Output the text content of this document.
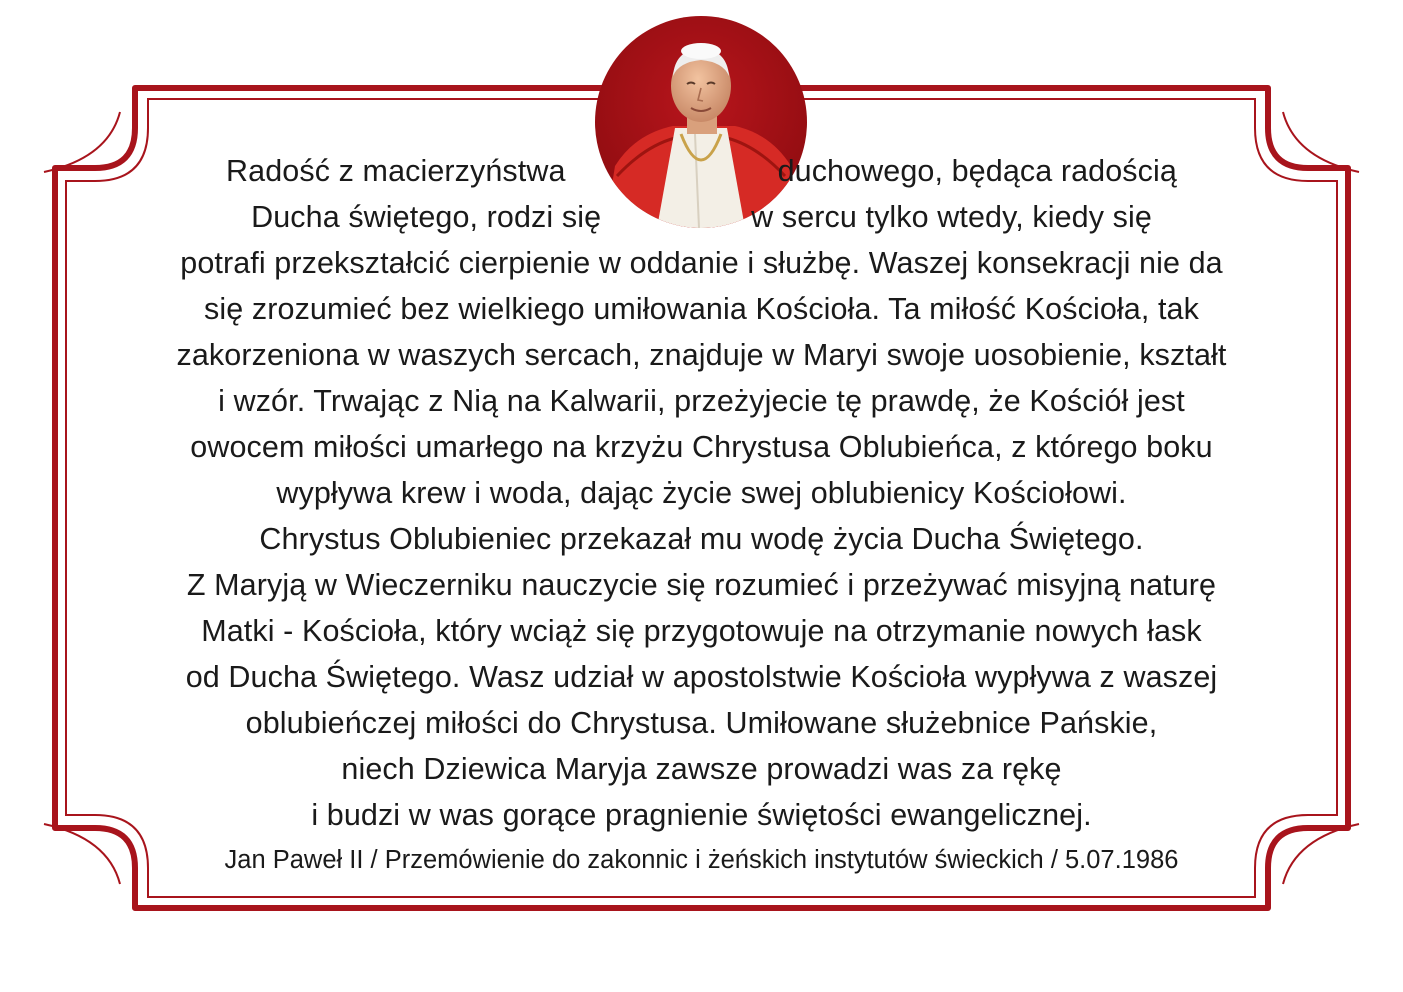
Radość z macierzyństwa	duchowego, będąca radością
Ducha świętego, rodzi się	w sercu tylko wtedy, kiedy się
potrafi przekształcić cierpienie w oddanie i służbę. Waszej konsekracji nie da
się zrozumieć bez wielkiego umiłowania Kościoła. Ta miłość Kościoła, tak
zakorzeniona w waszych sercach, znajduje w Maryi swoje uosobienie, kształt
i wzór. Trwając z Nią na Kalwarii, przeżyjecie tę prawdę, że Kościół jest
owocem miłości umarłego na krzyżu Chrystusa Oblubieńca, z którego boku
wypływa krew i woda, dając życie swej oblubienicy Kościołowi.
Chrystus Oblubieniec przekazał mu wodę życia Ducha Świętego.
Z Maryją w Wieczerniku nauczycie się rozumieć i przeżywać misyjną naturę
Matki - Kościoła, który wciąż się przygotowuje na otrzymanie nowych łask
od Ducha Świętego. Wasz udział w apostolstwie Kościoła wypływa z waszej
oblubieńczej miłości do Chrystusa. Umiłowane służebnice Pańskie,
niech Dziewica Maryja zawsze prowadzi was za rękę
i budzi w was gorące pragnienie świętości ewangelicznej.

Jan Paweł II / Przemówienie do zakonnic i żeńskich instytutów świeckich / 5.07.1986
